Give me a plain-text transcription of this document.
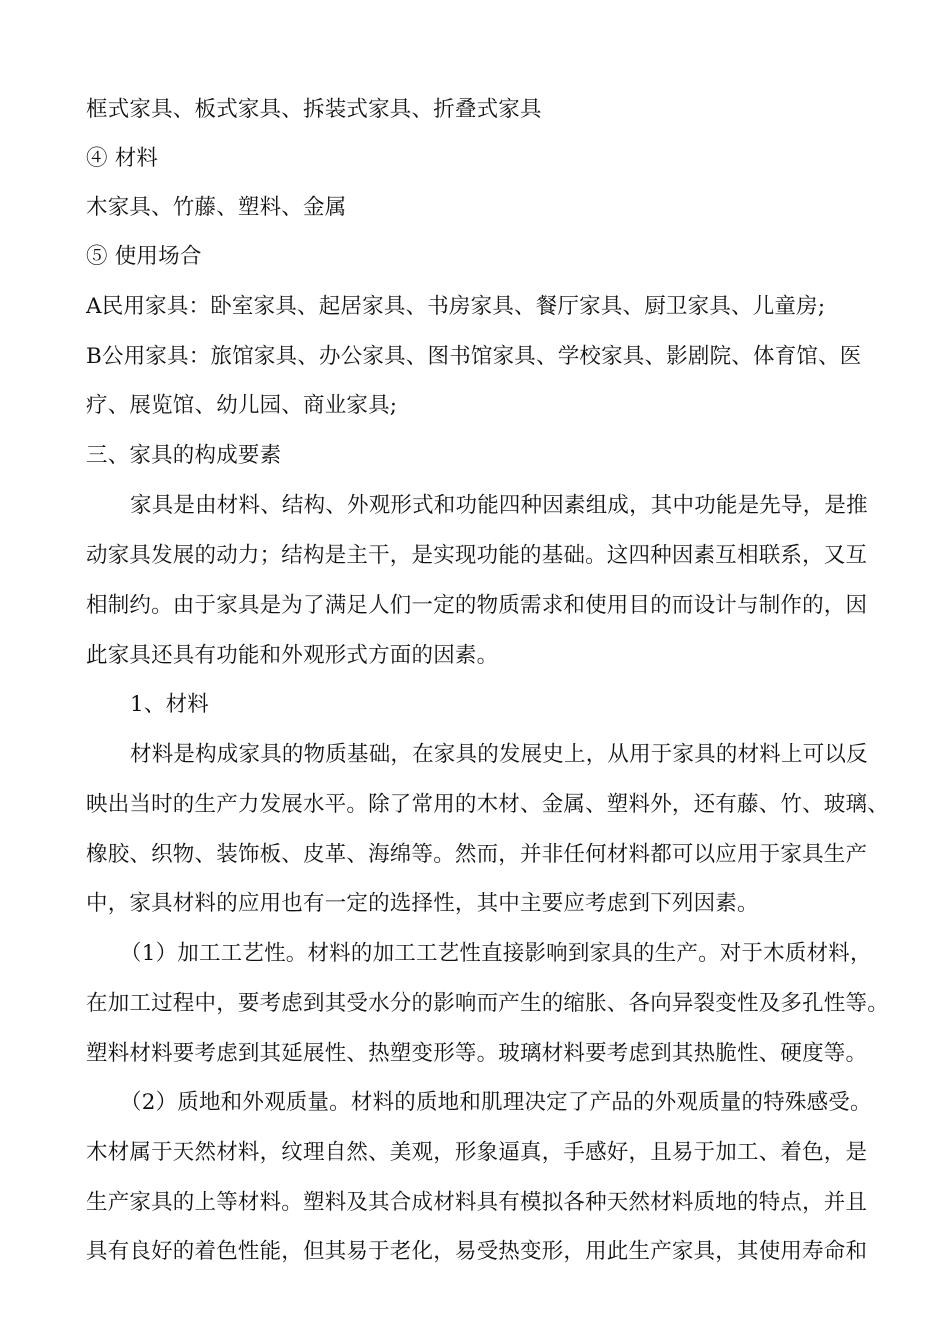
框式家具、板式家具、拆装式家具、折叠式家具
④ 材料
木家具、竹藤、塑料、金属
⑤ 使用场合
A民用家具：卧室家具、起居家具、书房家具、餐厅家具、厨卫家具、儿童房;
B公用家具：旅馆家具、办公家具、图书馆家具、学校家具、影剧院、体育馆、医
疗、展览馆、幼儿园、商业家具;
三、家具的构成要素
家具是由材料、结构、外观形式和功能四种因素组成，其中功能是先导，是推
动家具发展的动力；结构是主干，是实现功能的基础。这四种因素互相联系，又互
相制约。由于家具是为了满足人们一定的物质需求和使用目的而设计与制作的，因
此家具还具有功能和外观形式方面的因素。
1、材料
材料是构成家具的物质基础，在家具的发展史上，从用于家具的材料上可以反
映出当时的生产力发展水平。除了常用的木材、金属、塑料外，还有藤、竹、玻璃、
橡胶、织物、装饰板、皮革、海绵等。然而，并非任何材料都可以应用于家具生产
中，家具材料的应用也有一定的选择性，其中主要应考虑到下列因素。
（1）加工工艺性。材料的加工工艺性直接影响到家具的生产。对于木质材料，
在加工过程中，要考虑到其受水分的影响而产生的缩胀、各向异裂变性及多孔性等。
塑料材料要考虑到其延展性、热塑变形等。玻璃材料要考虑到其热脆性、硬度等。
（2）质地和外观质量。材料的质地和肌理决定了产品的外观质量的特殊感受。
木材属于天然材料，纹理自然、美观，形象逼真，手感好，且易于加工、着色，是
生产家具的上等材料。塑料及其合成材料具有模拟各种天然材料质地的特点，并且
具有良好的着色性能，但其易于老化，易受热变形，用此生产家具，其使用寿命和
